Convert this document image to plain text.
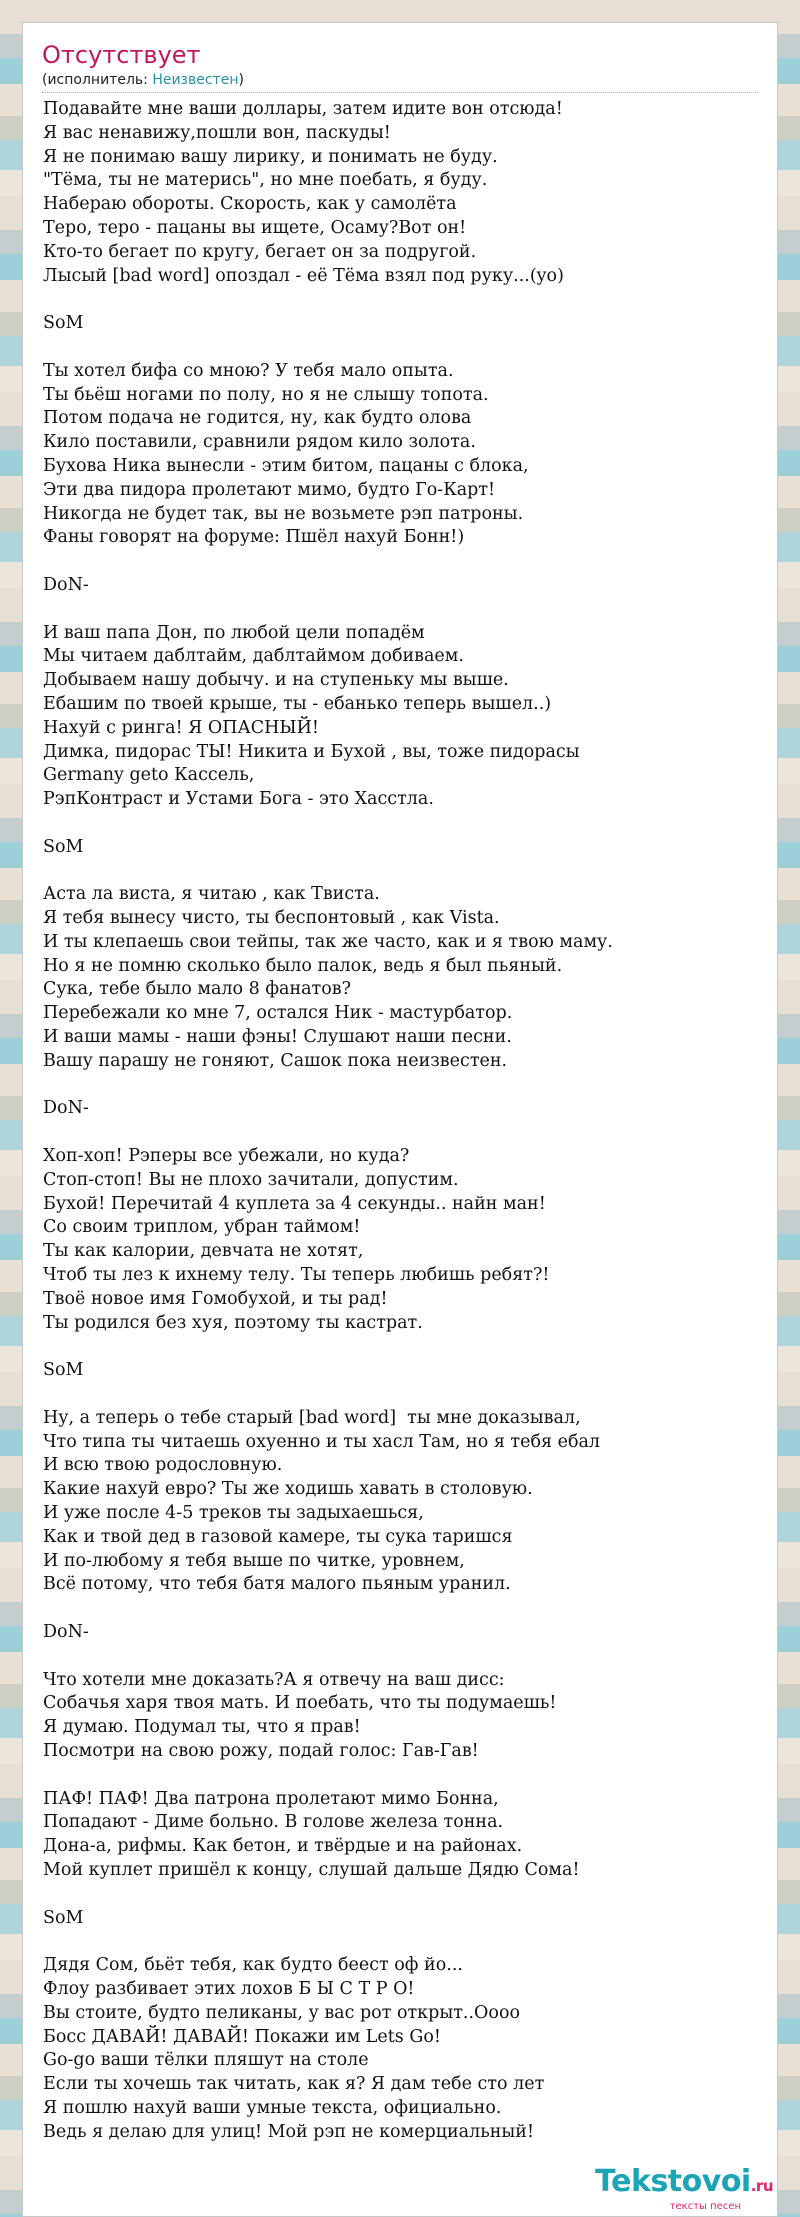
Отсутствует
(исполнитель: Неизвестен)
Подавайте мне ваши доллары, затем идите вон отсюда!
Я вас ненавижу,пошли вон, паскуды!
Я не понимаю вашу лирику, и понимать не буду.
"Тёма, ты не матерись", но мне поебать, я буду.
Набераю обороты. Скорость, как у самолёта
Теро, теро - пацаны вы ищете, Осаму?Вот он!
Кто-то бегает по кругу, бегает он за подругой.
Лысый [bad word] опоздал - её Тёма взял под руку...(yo)

SoM

Ты хотел бифа со мною? У тебя мало опыта.
Ты бьёш ногами по полу, но я не слышу топота.
Потом подача не годится, ну, как будто олова
Кило поставили, сравнили рядом кило золота.
Бухова Ника вынесли - этим битом, пацаны с блока,
Эти два пидора пролетают мимо, будто Го-Карт!
Никогда не будет так, вы не возьмете рэп патроны.
Фаны говорят на форуме: Пшёл нахуй Бонн!)

DoN-

И ваш папа Дон, по любой цели попадём
Мы читаем даблтайм, даблтаймом добиваем.
Добываем нашу добычу. и на ступеньку мы выше.
Ебашим по твоей крыше, ты - ебанько теперь вышел..)
Нахуй с ринга! Я ОПАСНЫЙ!
Димка, пидорас ТЫ! Никита и Бухой , вы, тоже пидорасы
Germany geto Кассель,
РэпКонтраст и Устами Бога - это Хасстла.

SoM

Аста ла виста, я читаю , как Твиста.
Я тебя вынесу чисто, ты беспонтовый , как Vista.
И ты клепаешь свои тейпы, так же часто, как и я твою маму.
Но я не помню сколько было палок, ведь я был пьяный.
Сука, тебе было мало 8 фанатов?
Перебежали ко мне 7, остался Ник - мастурбатор.
И ваши мамы - наши фэны! Слушают наши песни.
Вашу парашу не гоняют, Сашок пока неизвестен.

DoN-

Хоп-хоп! Рэперы все убежали, но куда?
Стоп-стоп! Вы не плохо зачитали, допустим.
Бухой! Перечитай 4 куплета за 4 секунды.. найн ман!
Со своим триплом, убран таймом!
Ты как калории, девчата не хотят,
Чтоб ты лез к ихнему телу. Ты теперь любишь ребят?!
Твоё новое имя Гомобухой, и ты рад!
Ты родился без хуя, поэтому ты кастрат.

SoM

Ну, а теперь о тебе старый [bad word]  ты мне доказывал,
Что типа ты читаешь охуенно и ты хасл Там, но я тебя ебал
И всю твою родословную.
Какие нахуй евро? Ты же ходишь хавать в столовую.
И уже после 4-5 треков ты задыхаешься,
Как и твой дед в газовой камере, ты сука таришся
И по-любому я тебя выше по читке, уровнем,
Всё потому, что тебя батя малого пьяным уранил.

DoN-

Что хотели мне доказать?А я отвечу на ваш дисс:
Собачья харя твоя мать. И поебать, что ты подумаешь!
Я думаю. Подумал ты, что я прав!
Посмотри на свою рожу, подай голос: Гав-Гав!

ПАФ! ПАФ! Два патрона пролетают мимо Бонна,
Попадают - Диме больно. В голове железа тонна.
Дона-а, рифмы. Как бетон, и твёрдые и на районах.
Мой куплет пришёл к концу, слушай дальше Дядю Сома!

SoM

Дядя Сом, бьёт тебя, как будто беест оф йо...
Флоу разбивает этих лохов Б Ы С Т Р О!
Вы стоите, будто пеликаны, у вас рот открыт..Оооо
Босс ДАВАЙ! ДАВАЙ! Покажи им Lets Go!
Go-go ваши тёлки пляшут на столе
Если ты хочешь так читать, как я? Я дам тебе сто лет
Я пошлю нахуй ваши умные текста, официально.
Ведь я делаю для улиц! Мой рэп не комерциальный!
Tekstovoi.ru
тексты песен
